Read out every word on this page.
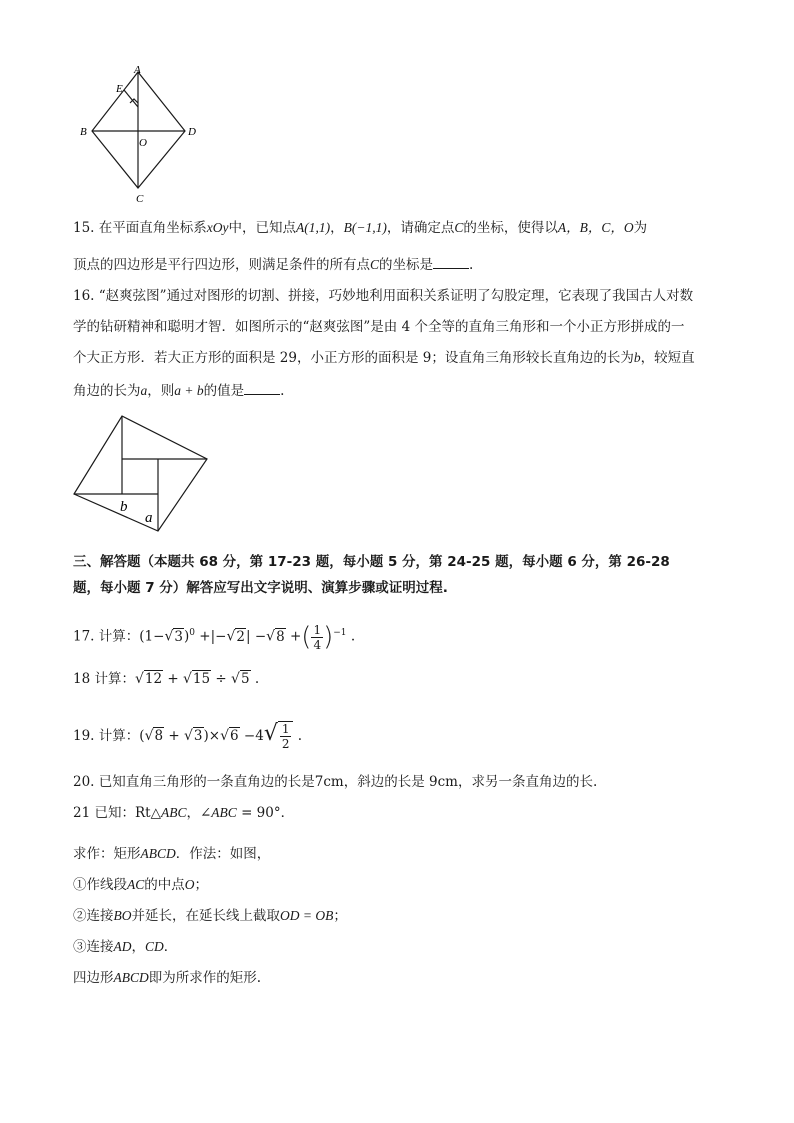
A
B
C
D
E
O
15. 在平面直角坐标系xOy中，已知点A(1,1)，B(−1,1)，请确定点C的坐标，使得以A，B，C，O为
顶点的四边形是平行四边形，则满足条件的所有点C的坐标是	.
16. “赵爽弦图”通过对图形的切割、拼接，巧妙地利用面积关系证明了勾股定理，它表现了我国古人对数
学的钻研精神和聪明才智．如图所示的“赵爽弦图”是由 4 个全等的直角三角形和一个小正方形拼成的一
个大正方形．若大正方形的面积是 29，小正方形的面积是 9；设直角三角形较长直角边的长为b，较短直
角边的长为a，则a + b的值是	.
b
a
三、解答题（本题共 68 分，第 17-23 题，每小题 5 分，第 24-25 题，每小题 6 分，第 26-28
题，每小题 7 分）解答应写出文字说明、演算步骤或证明过程.
17. 计算：$(1-√3)^0 +|-√2| -√8$ +( $\frac{1}{4} )^{-1}$ .
18 计算：√12 + √15 ÷ √5 .
19. 计算：$(√8 + √3)\times√6 -4√ \frac{1}{2}$ .
20. 已知直角三角形的一条直角边的长是7cm，斜边的长是 9cm，求另一条直角边的长.
21 已知：Rt△ABC，∠ABC = 90°．
求作：矩形ABCD．作法：如图，
①作线段AC的中点O；
②连接BO并延长，在延长线上截取OD = OB；
③连接AD，CD．
四边形ABCD即为所求作的矩形.
